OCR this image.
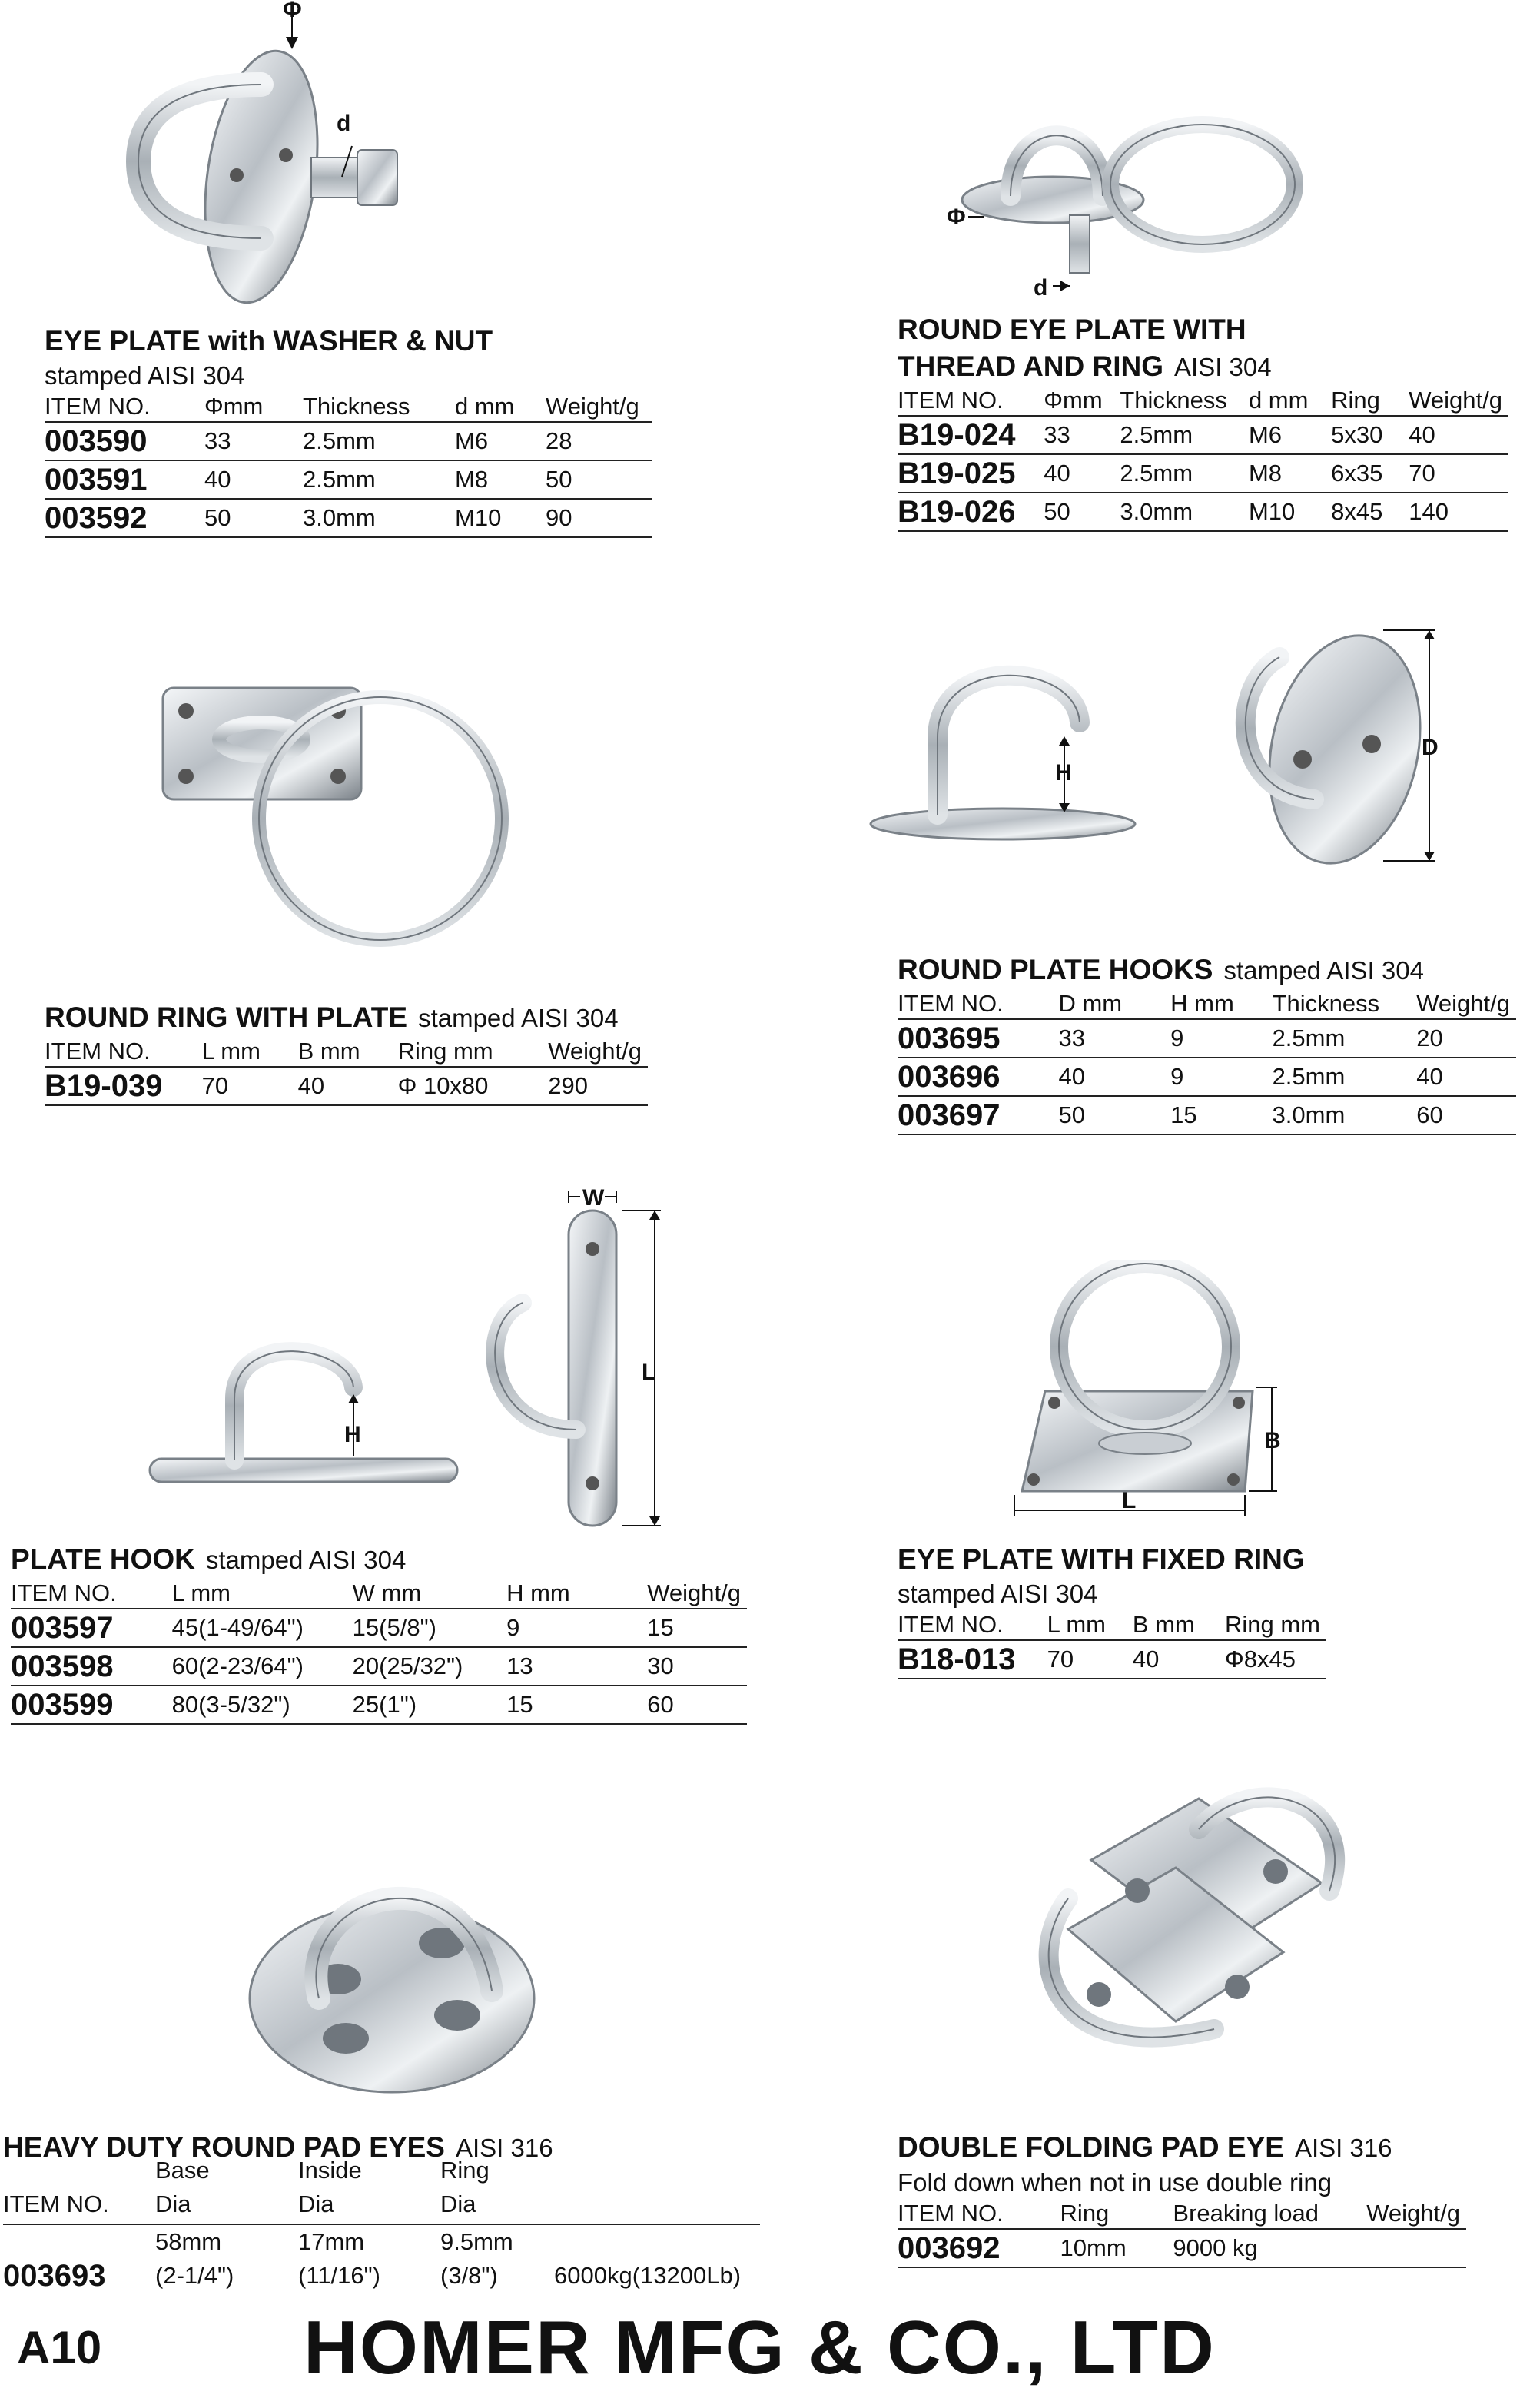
Φ
d
EYE PLATE with WASHER & NUT
stamped AISI 304
ITEM NO.	Φmm	Thickness	d mm	Weight/g
003590	33	2.5mm	M6	28
003591	40	2.5mm	M8	50
003592	50	3.0mm	M10	90
Φ
d
ROUND EYE PLATE WITH
THREAD AND RING AISI 304
ITEM NO.	Φmm	Thickness	d mm	Ring	Weight/g
B19-024	33	2.5mm	M6	5x30	40
B19-025	40	2.5mm	M8	6x35	70
B19-026	50	3.0mm	M10	8x45	140
ROUND RING WITH PLATE stamped AISI 304
ITEM NO.	L mm	B mm	Ring mm	Weight/g
B19-039	70	40	Φ 10x80	290
H
D
ROUND PLATE HOOKS stamped AISI 304
ITEM NO.	D mm	H mm	Thickness	Weight/g
003695	33	9	2.5mm	20
003696	40	9	2.5mm	40
003697	50	15	3.0mm	60
H
W
L
PLATE HOOK stamped AISI 304
ITEM NO.	L mm	W mm	H mm	Weight/g
003597	45(1-49/64")	15(5/8")	9	15
003598	60(2-23/64")	20(25/32")	13	30
003599	80(3-5/32")	25(1")	15	60
B
L
EYE PLATE WITH FIXED RING
stamped AISI 304
ITEM NO.	L mm	B mm	Ring mm
B18-013	70	40	Φ8x45
HEAVY DUTY ROUND PAD EYES AISI 316
	Base	Inside	Ring	
ITEM NO.	Dia	Dia	Dia	
	58mm	17mm	9.5mm	
003693	(2-1/4")	(11/16")	(3/8")	6000kg(13200Lb)
DOUBLE FOLDING PAD EYE AISI 316
Fold down when not in use double ring
ITEM NO.	Ring	Breaking load	Weight/g
003692	10mm	9000 kg	
A10	HOMER MFG & CO., LTD
